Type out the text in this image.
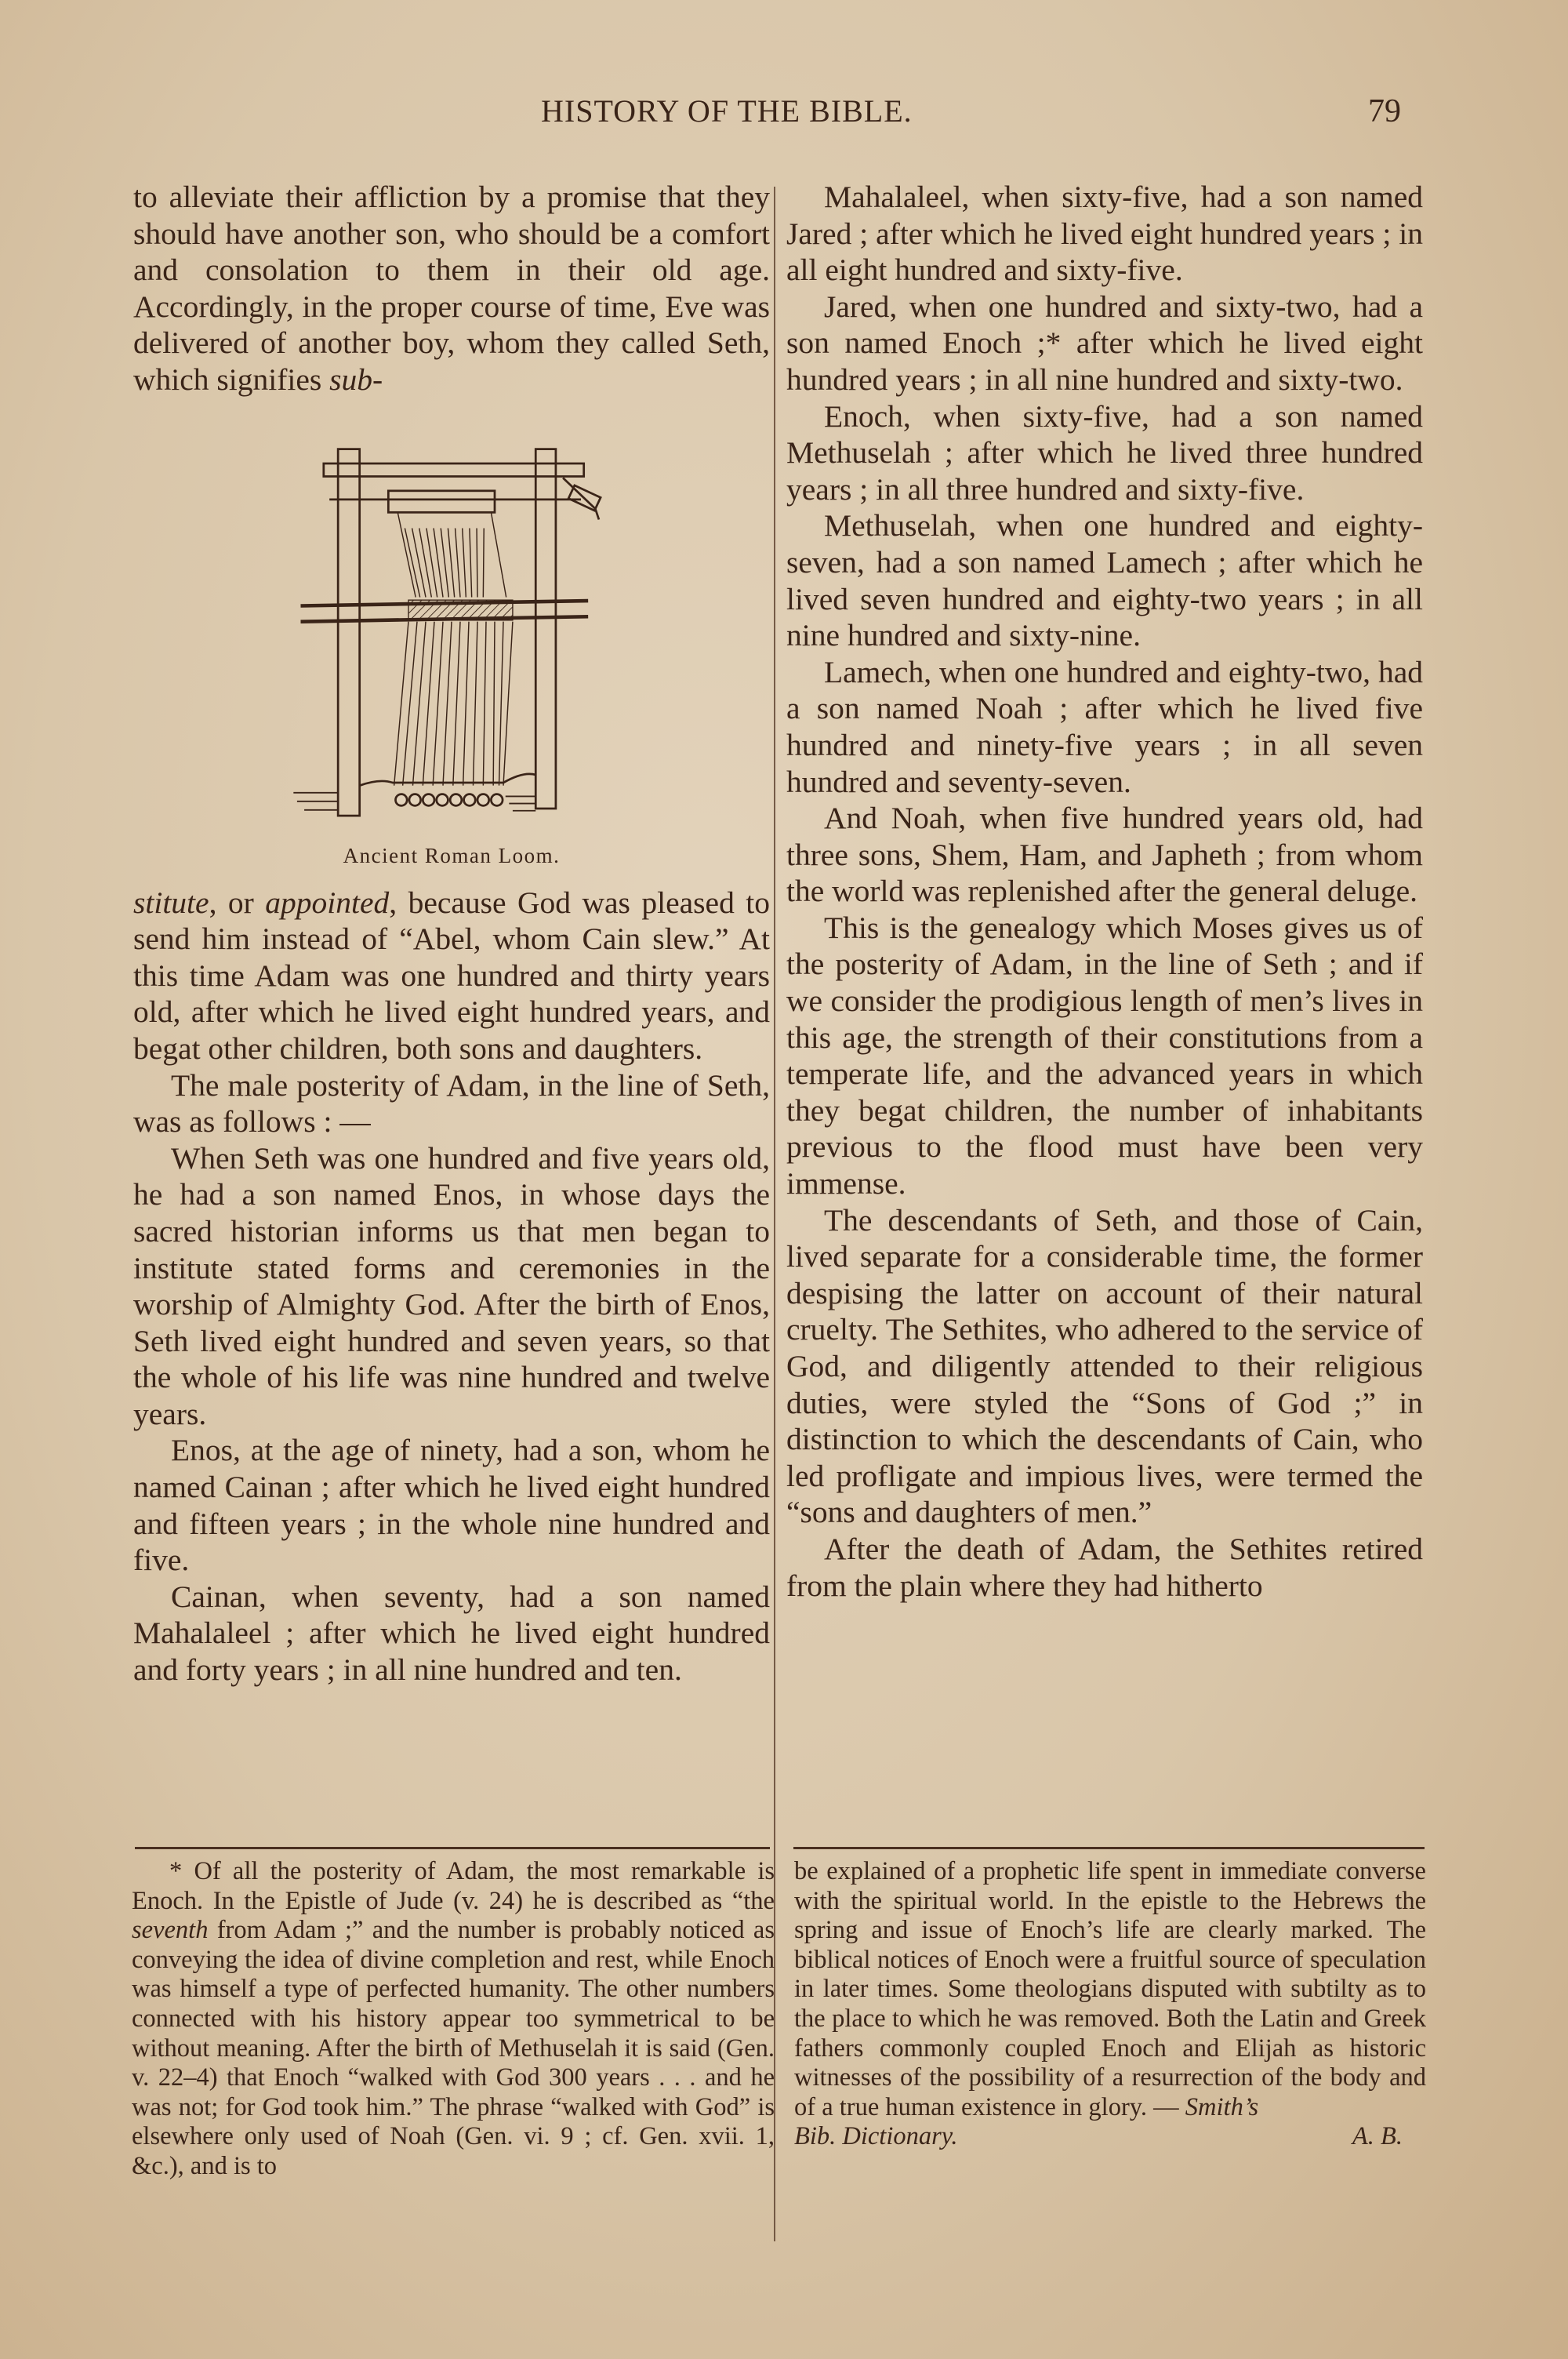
HISTORY OF THE BIBLE.	79

to alleviate their affliction by a promise that they should have another son, who should be a comfort and consolation to them in their old age. Accordingly, in the proper course of time, Eve was delivered of another boy, whom they called Seth, which signifies sub-

Ancient Roman Loom.

stitute, or appointed, because God was pleased to send him instead of “Abel, whom Cain slew.” At this time Adam was one hundred and thirty years old, after which he lived eight hundred years, and begat other children, both sons and daughters.

The male posterity of Adam, in the line of Seth, was as follows : —

When Seth was one hundred and five years old, he had a son named Enos, in whose days the sacred historian informs us that men began to institute stated forms and ceremonies in the worship of Almighty God. After the birth of Enos, Seth lived eight hundred and seven years, so that the whole of his life was nine hundred and twelve years.

Enos, at the age of ninety, had a son, whom he named Cainan ; after which he lived eight hundred and fifteen years ; in the whole nine hundred and five.

Cainan, when seventy, had a son named Mahalaleel ; after which he lived eight hundred and forty years ; in all nine hundred and ten.

Mahalaleel, when sixty-five, had a son named Jared ; after which he lived eight hundred years ; in all eight hundred and sixty-five.

Jared, when one hundred and sixty-two, had a son named Enoch ;* after which he lived eight hundred years ; in all nine hundred and sixty-two.

Enoch, when sixty-five, had a son named Methuselah ; after which he lived three hundred years ; in all three hundred and sixty-five.

Methuselah, when one hundred and eighty-seven, had a son named Lamech ; after which he lived seven hundred and eighty-two years ; in all nine hundred and sixty-nine.

Lamech, when one hundred and eighty-two, had a son named Noah ; after which he lived five hundred and ninety-five years ; in all seven hundred and seventy-seven.

And Noah, when five hundred years old, had three sons, Shem, Ham, and Japheth ; from whom the world was replenished after the general deluge.

This is the genealogy which Moses gives us of the posterity of Adam, in the line of Seth ; and if we consider the prodigious length of men’s lives in this age, the strength of their constitutions from a temperate life, and the advanced years in which they begat children, the number of inhabitants previous to the flood must have been very immense.

The descendants of Seth, and those of Cain, lived separate for a considerable time, the former despising the latter on account of their natural cruelty. The Sethites, who adhered to the service of God, and diligently attended to their religious duties, were styled the “Sons of God ;” in distinction to which the descendants of Cain, who led profligate and impious lives, were termed the “sons and daughters of men.”

After the death of Adam, the Sethites retired from the plain where they had hitherto

* Of all the posterity of Adam, the most remarkable is Enoch. In the Epistle of Jude (v. 24) he is described as “the seventh from Adam ;” and the number is probably noticed as conveying the idea of divine completion and rest, while Enoch was himself a type of perfected humanity. The other numbers connected with his history appear too symmetrical to be without meaning. After the birth of Methuselah it is said (Gen. v. 22–4) that Enoch “walked with God 300 years . . . and he was not; for God took him.” The phrase “walked with God” is elsewhere only used of Noah (Gen. vi. 9 ; cf. Gen. xvii. 1, &c.), and is to

be explained of a prophetic life spent in immediate converse with the spiritual world. In the epistle to the Hebrews the spring and issue of Enoch’s life are clearly marked. The biblical notices of Enoch were a fruitful source of speculation in later times. Some theologians disputed with subtilty as to the place to which he was removed. Both the Latin and Greek fathers commonly coupled Enoch and Elijah as historic witnesses of the possibility of a resurrection of the body and of a true human existence in glory. — Smith’s

Bib. Dictionary.	A. B.
